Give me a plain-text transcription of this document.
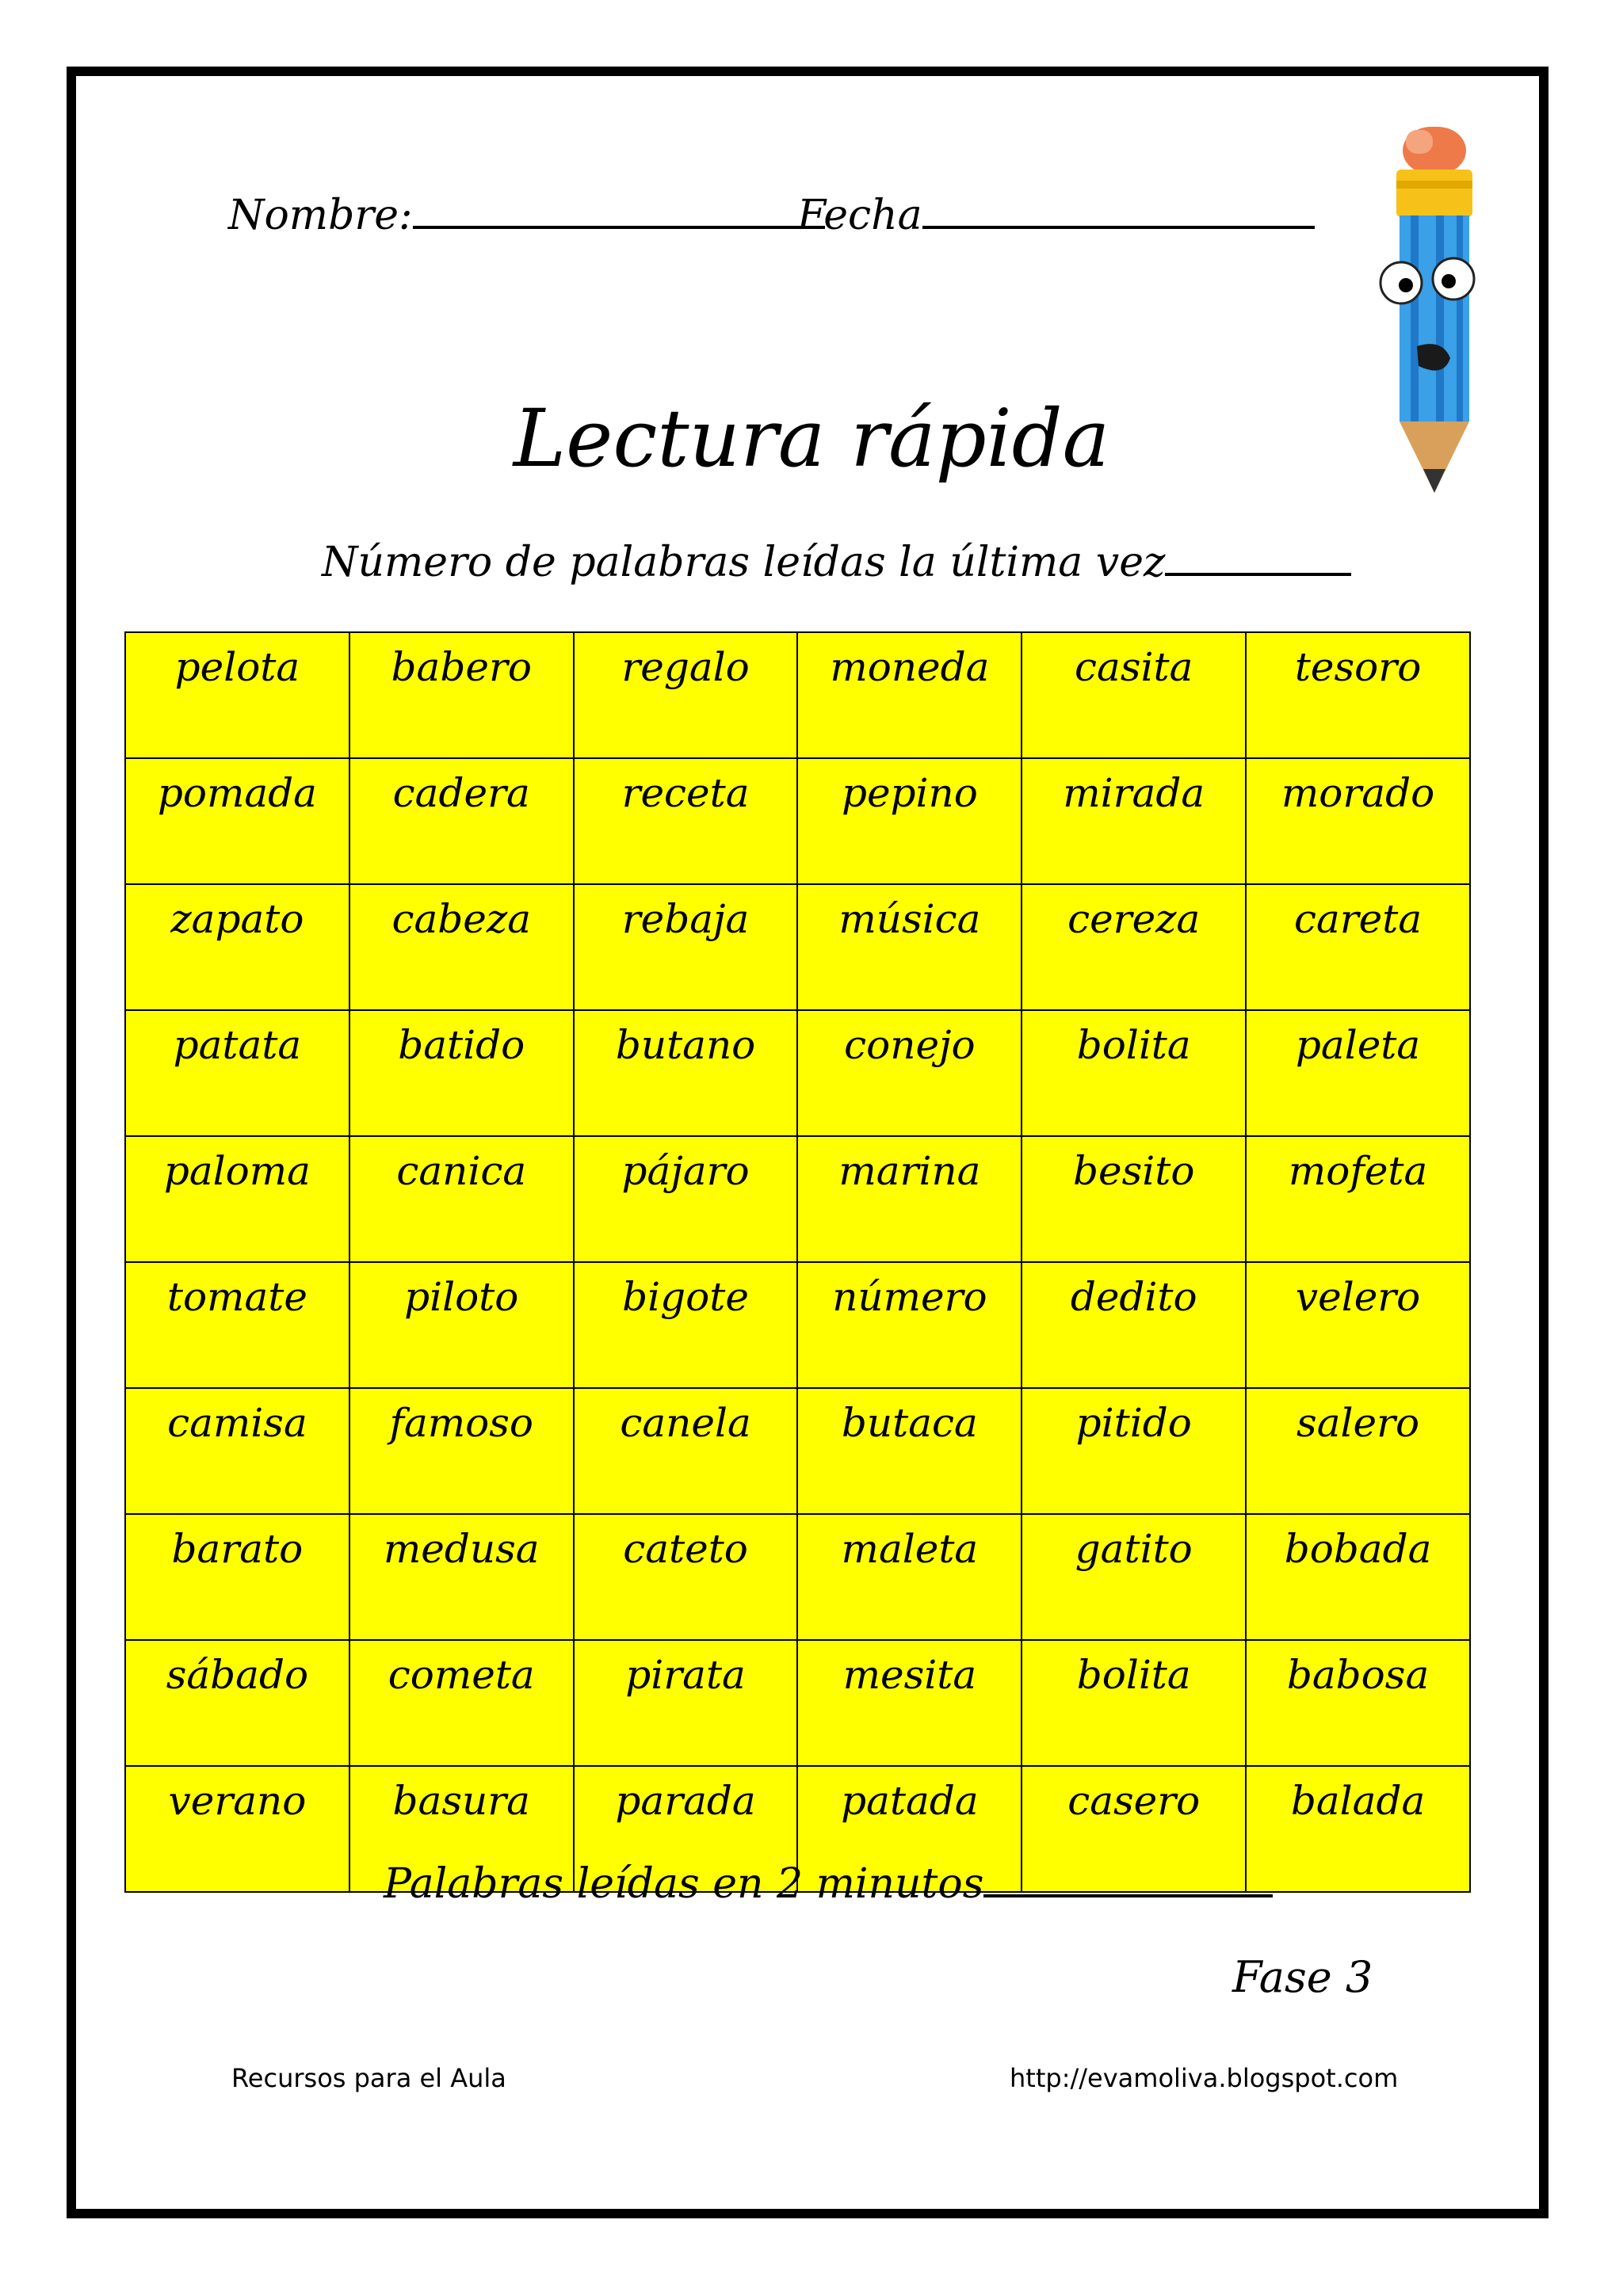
Nombre:	Fecha
Lectura rápida
Número de palabras leídas la última vez
pelota	babero	regalo	moneda	casita	tesoro
pomada	cadera	receta	pepino	mirada	morado
zapato	cabeza	rebaja	música	cereza	careta
patata	batido	butano	conejo	bolita	paleta
paloma	canica	pájaro	marina	besito	mofeta
tomate	piloto	bigote	número	dedito	velero
camisa	famoso	canela	butaca	pitido	salero
barato	medusa	cateto	maleta	gatito	bobada
sábado	cometa	pirata	mesita	bolita	babosa
verano	basura	parada	patada	casero	balada
Palabras leídas en 2 minutos
Fase 3
Recursos para el Aula	http://evamoliva.blogspot.com
